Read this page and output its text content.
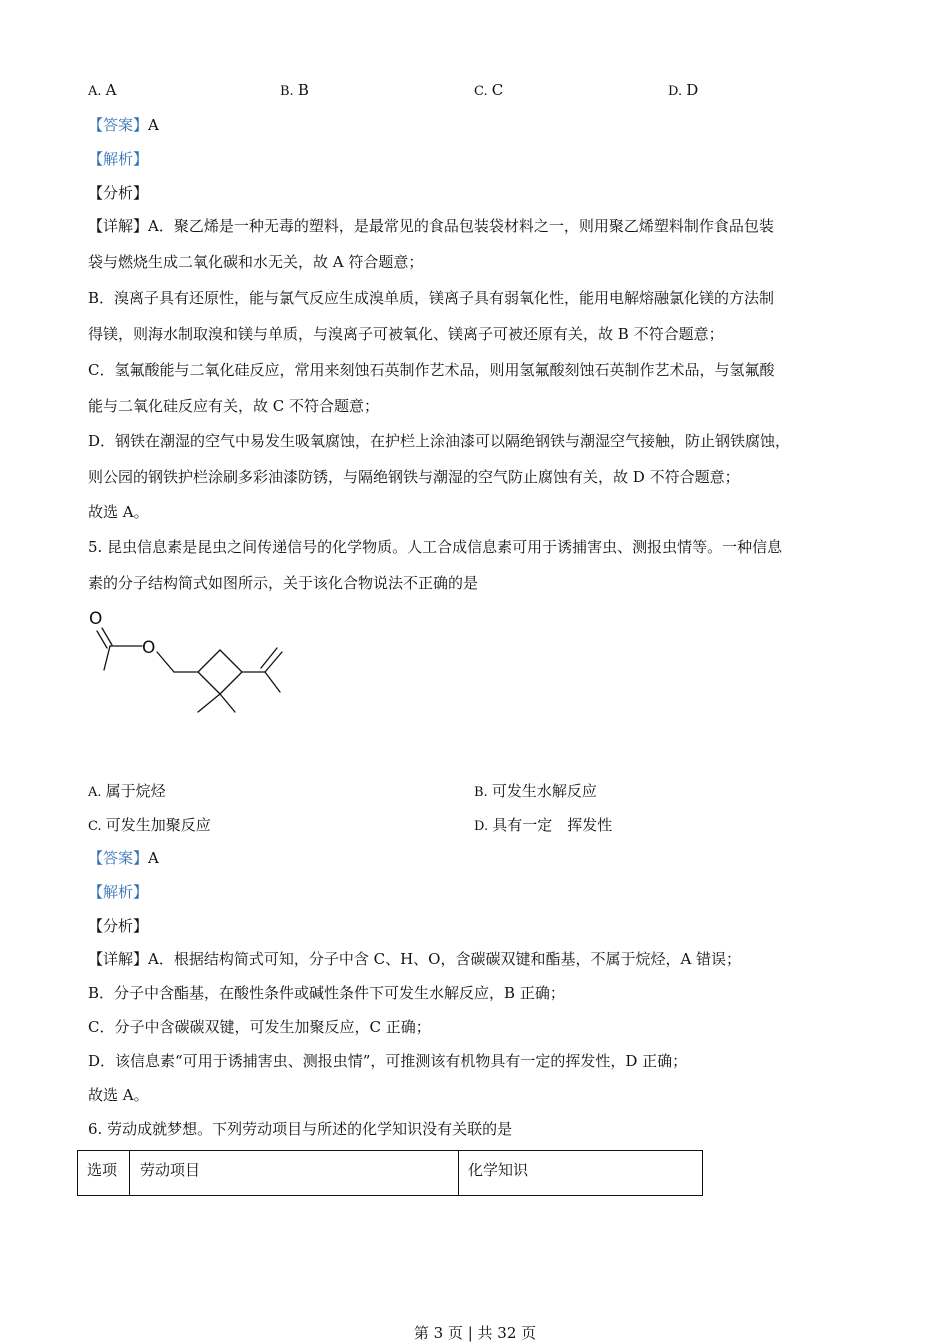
A. A	B. B	C. C	D. D
【答案】A
【解析】
【分析】
【详解】A．聚乙烯是一种无毒的塑料，是最常见的食品包装袋材料之一，则用聚乙烯塑料制作食品包装
袋与燃烧生成二氧化碳和水无关，故 A 符合题意；
B．溴离子具有还原性，能与氯气反应生成溴单质，镁离子具有弱氧化性，能用电解熔融氯化镁的方法制
得镁，则海水制取溴和镁与单质，与溴离子可被氧化、镁离子可被还原有关，故 B 不符合题意；
C．氢氟酸能与二氧化硅反应，常用来刻蚀石英制作艺术品，则用氢氟酸刻蚀石英制作艺术品，与氢氟酸
能与二氧化硅反应有关，故 C 不符合题意；
D．钢铁在潮湿的空气中易发生吸氧腐蚀，在护栏上涂油漆可以隔绝钢铁与潮湿空气接触，防止钢铁腐蚀，
则公园的钢铁护栏涂刷多彩油漆防锈，与隔绝钢铁与潮湿的空气防止腐蚀有关，故 D 不符合题意；
故选 A。
5. 昆虫信息素是昆虫之间传递信号的化学物质。人工合成信息素可用于诱捕害虫、测报虫情等。一种信息
素的分子结构简式如图所示，关于该化合物说法不正确的是
O
O
A. 属于烷烃	B. 可发生水解反应
C. 可发生加聚反应	D. 具有一定　挥发性
【答案】A
【解析】
【分析】
【详解】A．根据结构简式可知，分子中含 C、H、O，含碳碳双键和酯基，不属于烷烃，A 错误；
B．分子中含酯基，在酸性条件或碱性条件下可发生水解反应，B 正确；
C．分子中含碳碳双键，可发生加聚反应，C 正确；
D．该信息素“可用于诱捕害虫、测报虫情”，可推测该有机物具有一定的挥发性，D 正确；
故选 A。
6. 劳动成就梦想。下列劳动项目与所述的化学知识没有关联的是
选项 劳动项目	化学知识
第 3 页 | 共 32 页
